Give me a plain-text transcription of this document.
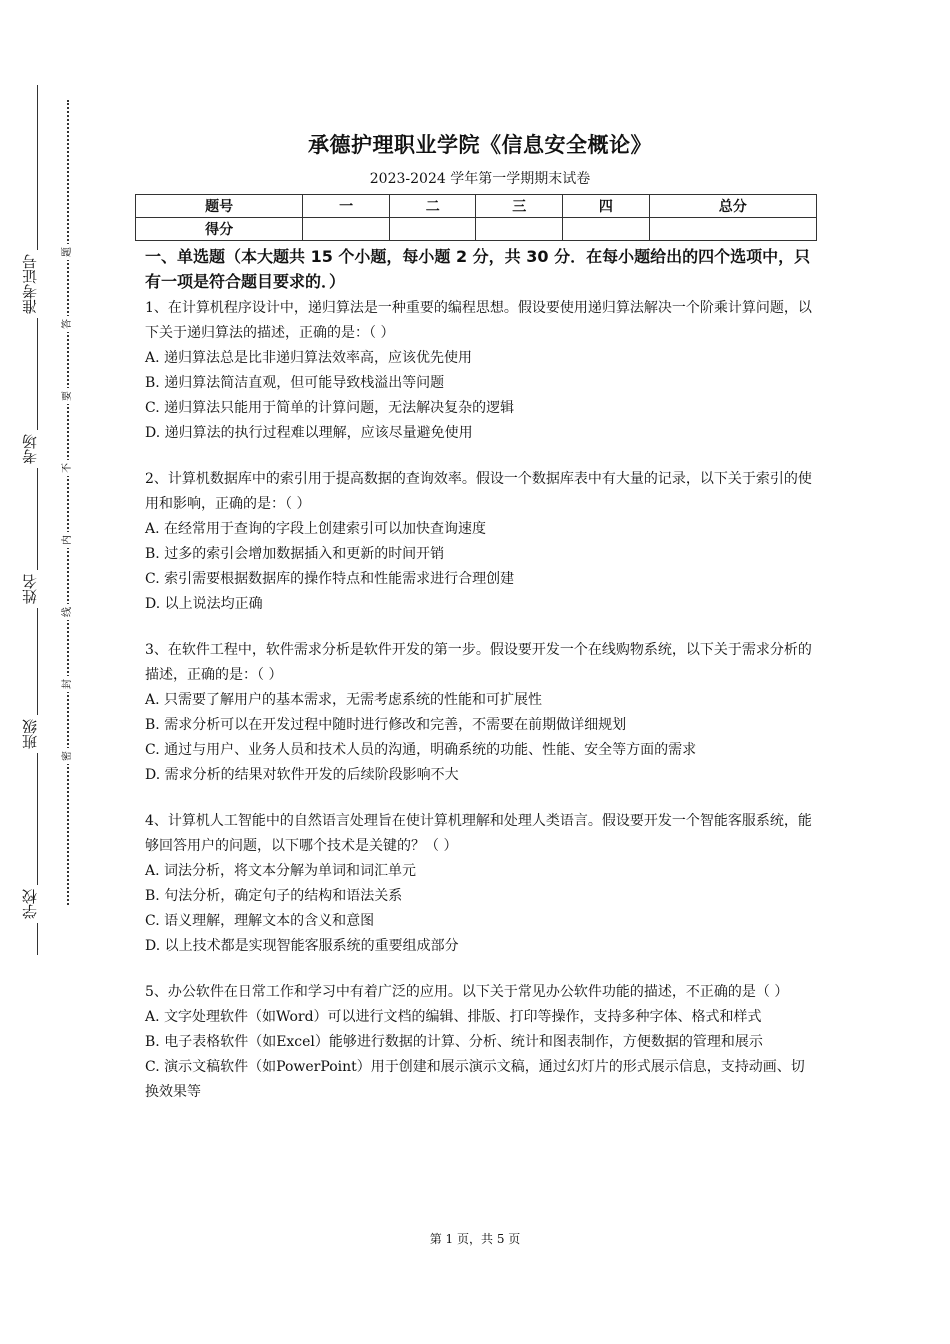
准考证号
考场
姓名
班级
学校
题
答
要
不
内
线
封
密
承德护理职业学院《信息安全概论》
2023-2024 学年第一学期期末试卷
题号	一	二	三	四	总分
得分					
一、单选题（本大题共 15 个小题，每小题 2 分，共 30 分．在每小题给出的四个选项中，只有一项是符合题目要求的．）

1、在计算机程序设计中，递归算法是一种重要的编程思想。假设要使用递归算法解决一个阶乘计算问题，以下关于递归算法的描述，正确的是：（ ）

A. 递归算法总是比非递归算法效率高，应该优先使用

B. 递归算法简洁直观，但可能导致栈溢出等问题

C. 递归算法只能用于简单的计算问题，无法解决复杂的逻辑

D. 递归算法的执行过程难以理解，应该尽量避免使用

2、计算机数据库中的索引用于提高数据的查询效率。假设一个数据库表中有大量的记录，以下关于索引的使用和影响，正确的是：（ ）

A. 在经常用于查询的字段上创建索引可以加快查询速度

B. 过多的索引会增加数据插入和更新的时间开销

C. 索引需要根据数据库的操作特点和性能需求进行合理创建

D. 以上说法均正确

3、在软件工程中，软件需求分析是软件开发的第一步。假设要开发一个在线购物系统，以下关于需求分析的描述，正确的是：（ ）

A. 只需要了解用户的基本需求，无需考虑系统的性能和可扩展性

B. 需求分析可以在开发过程中随时进行修改和完善，不需要在前期做详细规划

C. 通过与用户、业务人员和技术人员的沟通，明确系统的功能、性能、安全等方面的需求

D. 需求分析的结果对软件开发的后续阶段影响不大

4、计算机人工智能中的自然语言处理旨在使计算机理解和处理人类语言。假设要开发一个智能客服系统，能够回答用户的问题，以下哪个技术是关键的？（ ）

A. 词法分析，将文本分解为单词和词汇单元

B. 句法分析，确定句子的结构和语法关系

C. 语义理解，理解文本的含义和意图

D. 以上技术都是实现智能客服系统的重要组成部分

5、办公软件在日常工作和学习中有着广泛的应用。以下关于常见办公软件功能的描述，不正确的是（ ）

A. 文字处理软件（如Word）可以进行文档的编辑、排版、打印等操作，支持多种字体、格式和样式

B. 电子表格软件（如Excel）能够进行数据的计算、分析、统计和图表制作，方便数据的管理和展示

C. 演示文稿软件（如PowerPoint）用于创建和展示演示文稿，通过幻灯片的形式展示信息，支持动画、切换效果等

第 1 页，共 5 页
